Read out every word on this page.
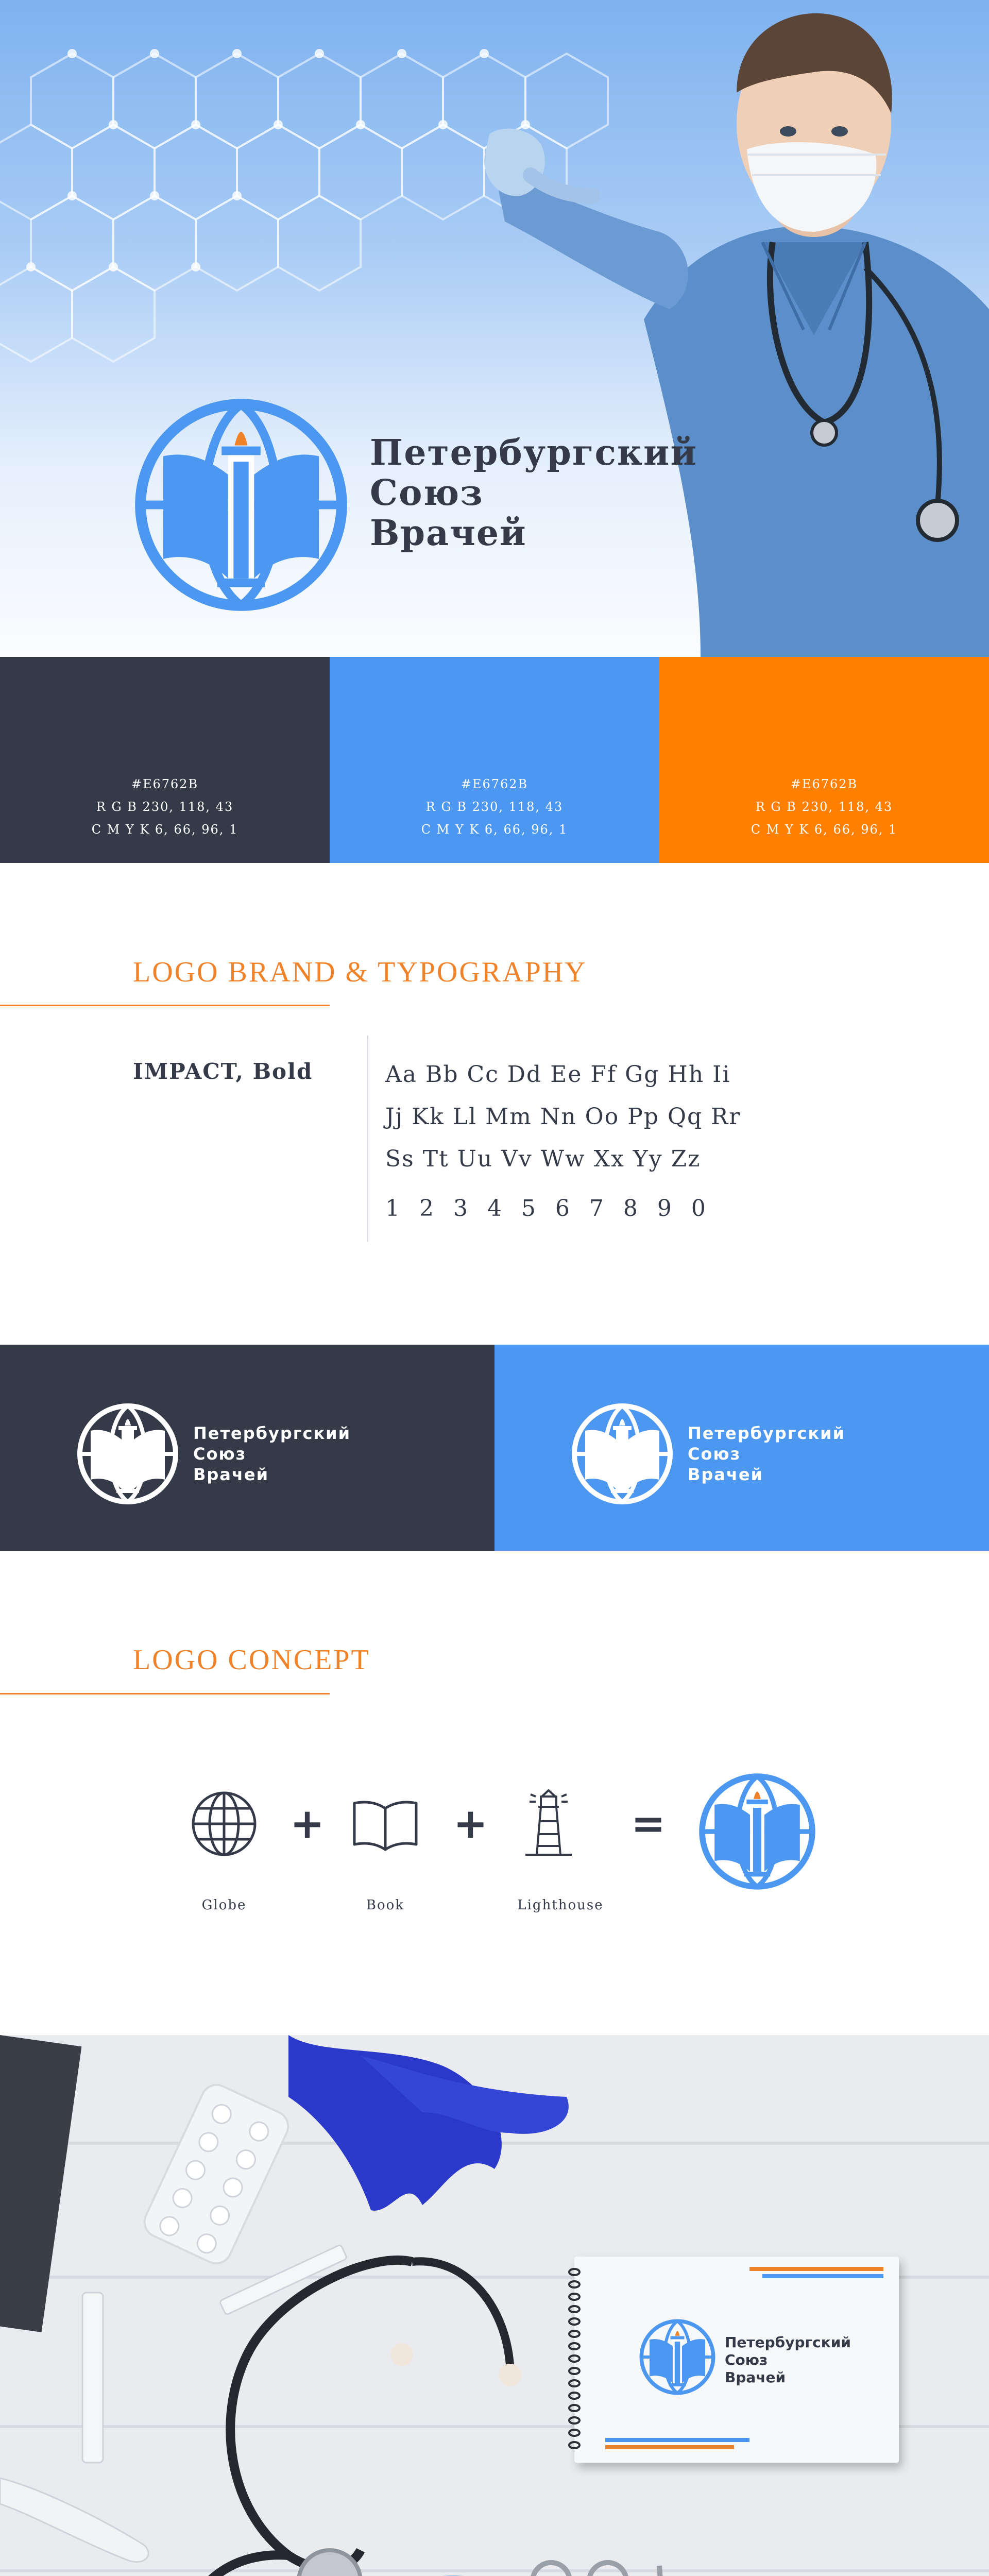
Петербургский
Союз
Врачей
#E6762B
R G B 230, 118, 43
C M Y K 6, 66, 96, 1
#E6762B
R G B 230, 118, 43
C M Y K 6, 66, 96, 1
#E6762B
R G B 230, 118, 43
C M Y K 6, 66, 96, 1
LOGO BRAND & TYPOGRAPHY
IMPACT, Bold	Aa Bb Cc Dd Ee Ff Gg Hh Ii
Jj Kk Ll Mm Nn Oo Pp Qq Rr
Ss Tt Uu Vv Ww Xx Yy Zz
1 2 3 4 5 6 7 8 9 0
Петербургский
Союз
Врачей
Петербургский
Союз
Врачей
LOGO CONCEPT
+	+	=
Globe	Book	Lighthouse
Петербургский
Союз
Врачей
